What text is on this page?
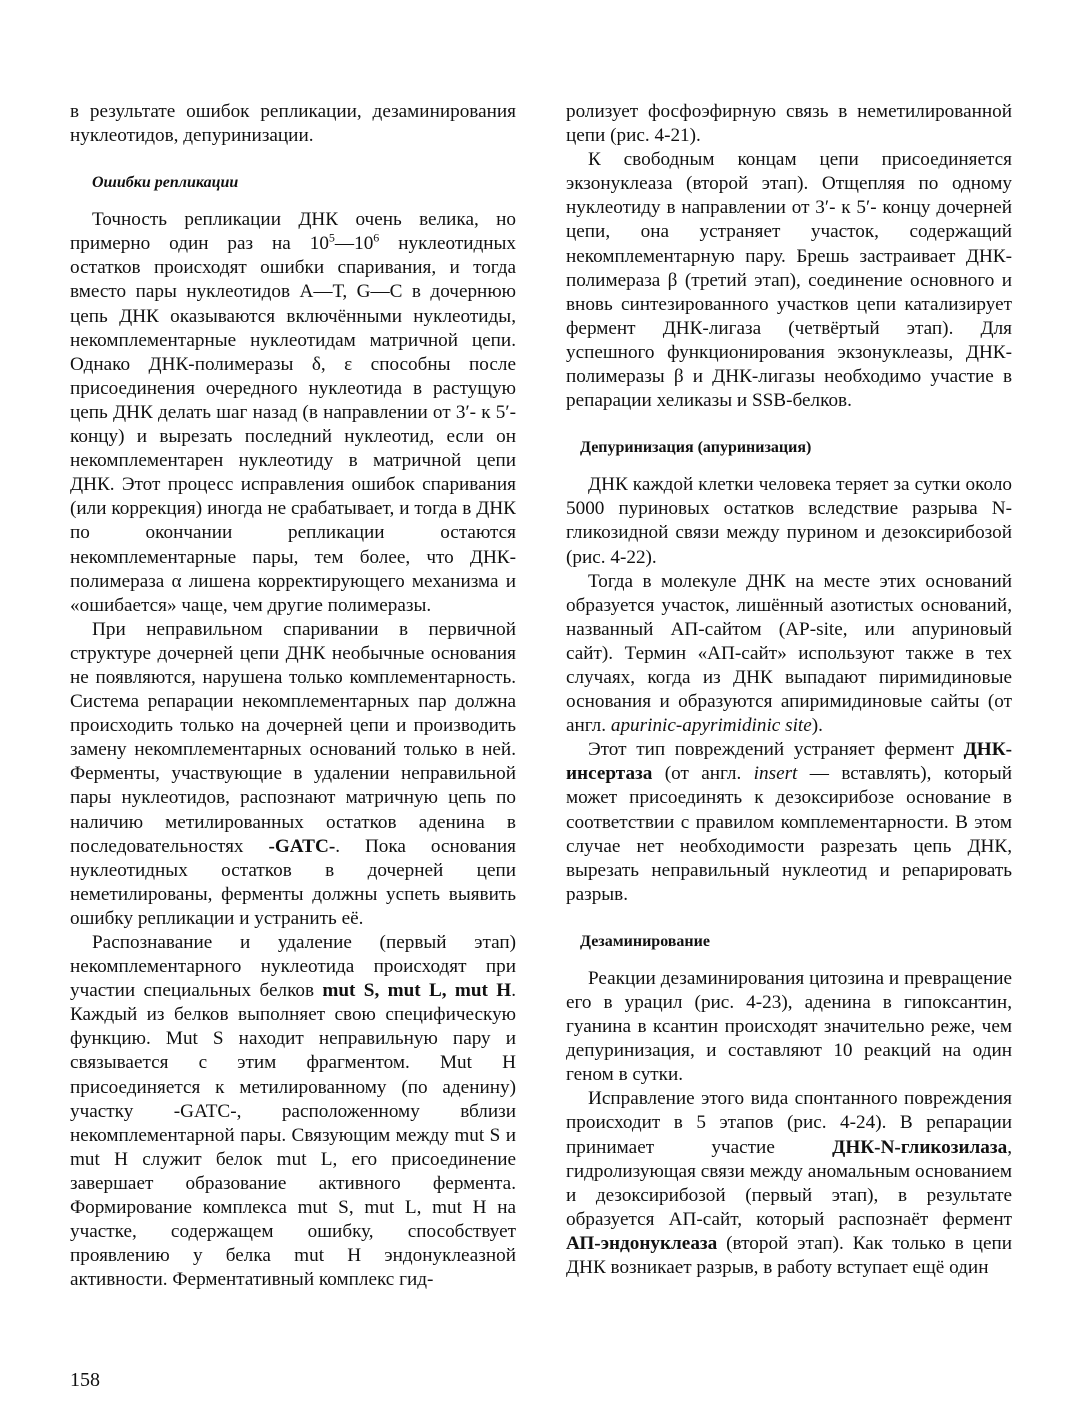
в результате ошибок репликации, дезаминирования нуклеотидов, депуринизации.

Ошибки репликации

Точность репликации ДНК очень велика, но примерно один раз на $10^5—10^6$ нуклеотидных остатков происходят ошибки спаривания, и тогда вместо пары нуклеотидов А—Т, G—С в дочернюю цепь ДНК оказываются включёнными нуклеотиды, некомплементарные нуклеотидам матричной цепи. Однако ДНК-полимеразы δ, ε способны после присоединения очередного нуклеотида в растущую цепь ДНК делать шаг назад (в направлении от 3′- к 5′- концу) и вырезать последний нуклеотид, если он некомплементарен нуклеотиду в матричной цепи ДНК. Этот процесс исправления ошибок спаривания (или коррекция) иногда не срабатывает, и тогда в ДНК по окончании репликации остаются некомплементарные пары, тем более, что ДНК-полимераза α лишена корректирующего механизма и «ошибается» чаще, чем другие полимеразы.

При неправильном спаривании в первичной структуре дочерней цепи ДНК необычные основания не появляются, нарушена только комплементарность. Система репарации некомплементарных пар должна происходить только на дочерней цепи и производить замену некомплементарных оснований только в ней. Ферменты, участвующие в удалении неправильной пары нуклеотидов, распознают матричную цепь по наличию метилированных остатков аденина в последовательностях -GATC-. Пока основания нуклеотидных остатков в дочерней цепи неметилированы, ферменты должны успеть выявить ошибку репликации и устранить её.

Распознавание и удаление (первый этап) некомплементарного нуклеотида происходят при участии специальных белков mut S, mut L, mut H. Каждый из белков выполняет свою специфическую функцию. Mut S находит неправильную пару и связывается с этим фрагментом. Mut H присоединяется к метилированному (по аденину) участку -GATC-, расположенному вблизи некомплементарной пары. Связующим между mut S и mut H служит белок mut L, его присоединение завершает образование активного фермента. Формирование комплекса mut S, mut L, mut H на участке, содержащем ошибку, способствует проявлению у белка mut H эндонуклеазной активности. Ферментативный комплекс гид-

ролизует фосфоэфирную связь в неметилированной цепи (рис. 4-21).

К свободным концам цепи присоединяется экзонуклеаза (второй этап). Отщепляя по одному нуклеотиду в направлении от 3′- к 5′- концу дочерней цепи, она устраняет участок, содержащий некомплементарную пару. Брешь застраивает ДНК-полимераза β (третий этап), соединение основного и вновь синтезированного участков цепи катализирует фермент ДНК-лигаза (четвёртый этап). Для успешного функционирования экзонуклеазы, ДНК-полимеразы β и ДНК-лигазы необходимо участие в репарации хеликазы и SSB-белков.

Депуринизация (апуринизация)

ДНК каждой клетки человека теряет за сутки около 5000 пуриновых остатков вследствие разрыва N-гликозидной связи между пурином и дезоксирибозой (рис. 4-22).

Тогда в молекуле ДНК на месте этих оснований образуется участок, лишённый азотистых оснований, названный АП-сайтом (AP-site, или апуриновый сайт). Термин «АП-сайт» используют также в тех случаях, когда из ДНК выпадают пиримидиновые основания и образуются апиримидиновые сайты (от англ. apurinic-apyrimidinic site).

Этот тип повреждений устраняет фермент ДНК-инсертаза (от англ. insert — вставлять), который может присоединять к дезоксирибозе основание в соответствии с правилом комплементарности. В этом случае нет необходимости разрезать цепь ДНК, вырезать неправильный нуклеотид и репарировать разрыв.

Дезаминирование

Реакции дезаминирования цитозина и превращение его в урацил (рис. 4-23), аденина в гипоксантин, гуанина в ксантин происходят значительно реже, чем депуринизация, и составляют 10 реакций на один геном в сутки.

Исправление этого вида спонтанного повреждения происходит в 5 этапов (рис. 4-24). В репарации принимает участие ДНК-N-гликозилаза, гидролизующая связи между аномальным основанием и дезоксирибозой (первый этап), в результате образуется АП-сайт, который распознаёт фермент АП-эндонуклеаза (второй этап). Как только в цепи ДНК возникает разрыв, в работу вступает ещё один

158
